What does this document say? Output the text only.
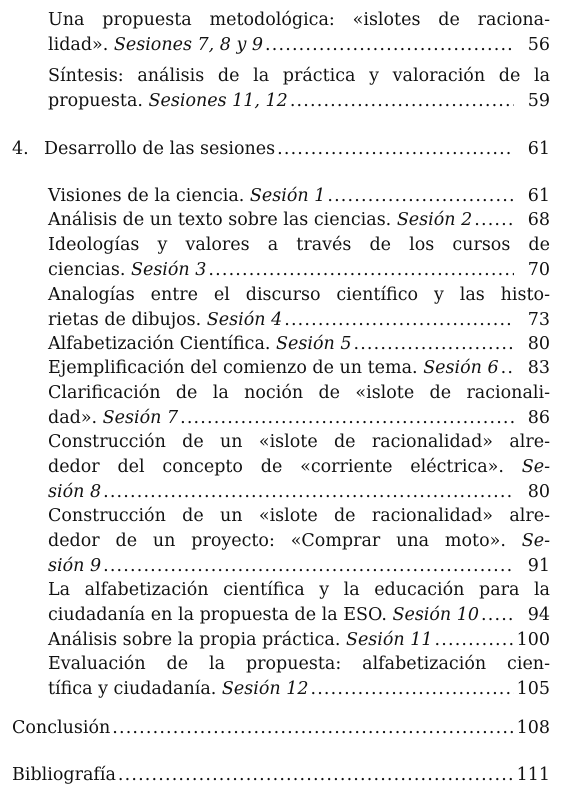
Una propuesta metodológica: «islotes de raciona-
lidad». Sesiones 7, 8 y 9 . . .	56
Síntesis: análisis de la práctica y valoración de la
propuesta. Sesiones 11, 12 . . .	59
4. Desarrollo de las sesiones . . .	61
Visiones de la ciencia. Sesión 1 . . .	61
Análisis de un texto sobre las ciencias. Sesión 2 . . .	68
Ideologías y valores a través de los cursos de
ciencias. Sesión 3 . . .	70
Analogías entre el discurso científico y las histo-
rietas de dibujos. Sesión 4 . . .	73
Alfabetización Científica. Sesión 5 . . .	80
Ejemplificación del comienzo de un tema. Sesión 6 . . .	83
Clarificación de la noción de «islote de racionali-
dad». Sesión 7 . . .	86
Construcción de un «islote de racionalidad» alre-
dedor del concepto de «corriente eléctrica». Se-
sión 8 . . .	80
Construcción de un «islote de racionalidad» alre-
dedor de un proyecto: «Comprar una moto». Se-
sión 9 . . .	91
La alfabetización científica y la educación para la
ciudadanía en la propuesta de la ESO. Sesión 10 . . .	94
Análisis sobre la propia práctica. Sesión 11 . . .	100
Evaluación de la propuesta: alfabetización cien-
tífica y ciudadanía. Sesión 12 . . .	105
Conclusión . . .	108
Bibliografía . . .	111
